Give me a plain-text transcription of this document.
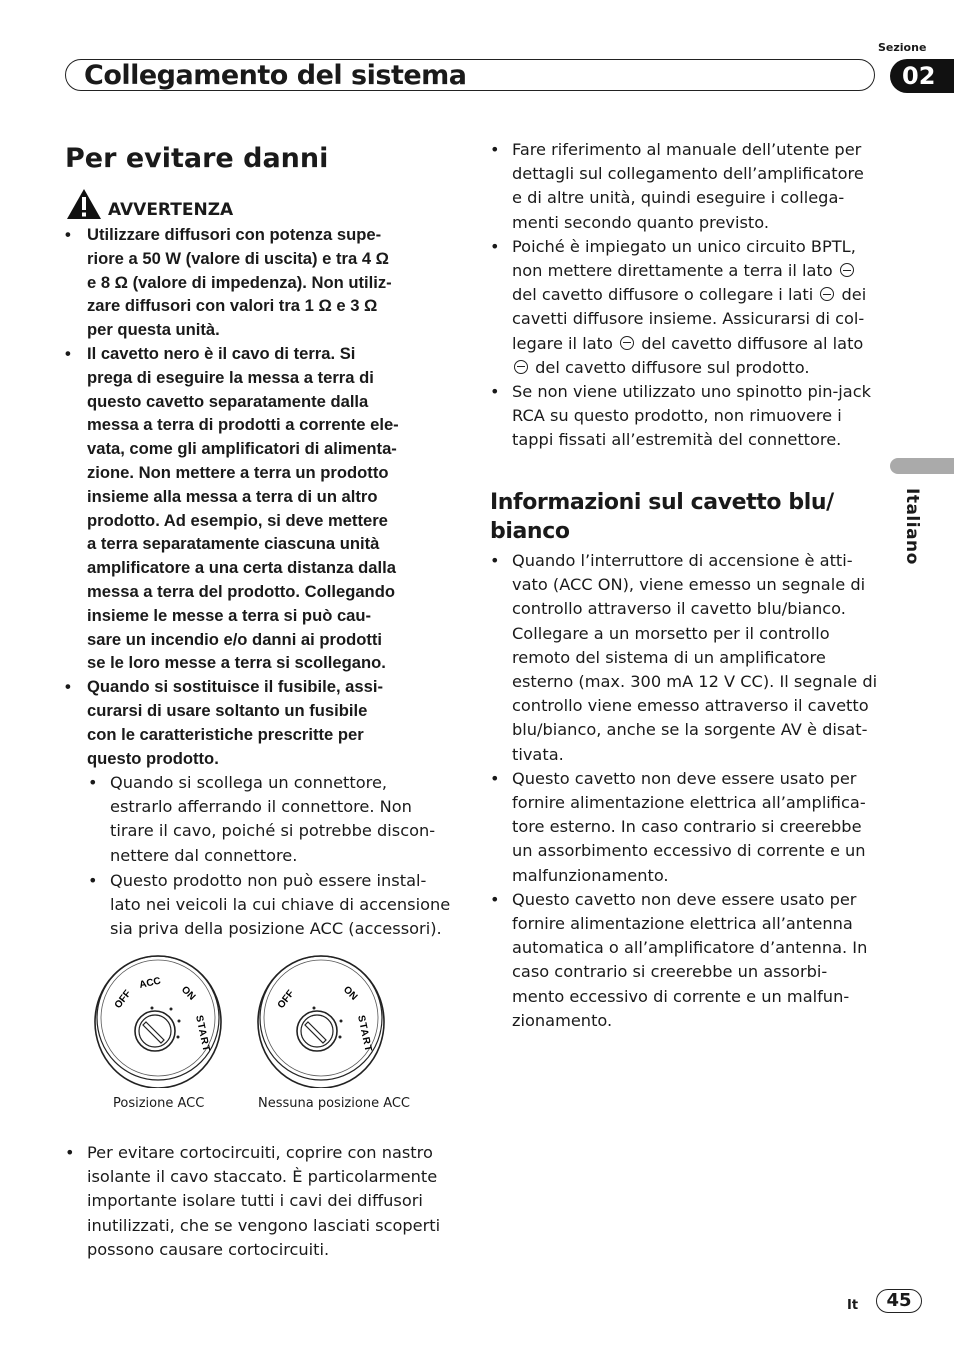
Collegamento del sistema
Sezione
02
Italiano
Per evitare danni
AVVERTENZA
• Utilizzare diffusori con potenza supe-
riore a 50 W (valore di uscita) e tra 4 Ω
e 8 Ω (valore di impedenza). Non utiliz-
zare diffusori con valori tra 1 Ω e 3 Ω
per questa unità.
• Il cavetto nero è il cavo di terra. Si
prega di eseguire la messa a terra di
questo cavetto separatamente dalla
messa a terra di prodotti a corrente ele-
vata, come gli amplificatori di alimenta-
zione. Non mettere a terra un prodotto
insieme alla messa a terra di un altro
prodotto. Ad esempio, si deve mettere
a terra separatamente ciascuna unità
amplificatore a una certa distanza dalla
messa a terra del prodotto. Collegando
insieme le messe a terra si può cau-
sare un incendio e/o danni ai prodotti
se le loro messe a terra si scollegano.
• Quando si sostituisce il fusibile, assi-
curarsi di usare soltanto un fusibile
con le caratteristiche prescritte per
questo prodotto.
• Quando si scollega un connettore,
estrarlo afferrando il connettore. Non
tirare il cavo, poiché si potrebbe discon-
nettere dal connettore.
• Questo prodotto non può essere instal-
lato nei veicoli la cui chiave di accensione
sia priva della posizione ACC (accessori).
OFF
ACC
ON
START
OFF	ON
START
Posizione ACC	Nessuna posizione ACC
• Per evitare cortocircuiti, coprire con nastro
isolante il cavo staccato. È particolarmente
importante isolare tutti i cavi dei diffusori
inutilizzati, che se vengono lasciati scoperti
possono causare cortocircuiti.
• Fare riferimento al manuale dell’utente per
dettagli sul collegamento dell’amplificatore
e di altre unità, quindi eseguire i collega-
menti secondo quanto previsto.
• Poiché è impiegato un unico circuito BPTL,
non mettere direttamente a terra il lato
del cavetto diffusore o collegare i lati dei
cavetti diffusore insieme. Assicurarsi di col-
legare il lato del cavetto diffusore al lato
del cavetto diffusore sul prodotto.
• Se non viene utilizzato uno spinotto pin-jack
RCA su questo prodotto, non rimuovere i
tappi fissati all’estremità del connettore.
Informazioni sul cavetto blu/
bianco
• Quando l’interruttore di accensione è atti-
vato (ACC ON), viene emesso un segnale di
controllo attraverso il cavetto blu/bianco.
Collegare a un morsetto per il controllo
remoto del sistema di un amplificatore
esterno (max. 300 mA 12 V CC). Il segnale di
controllo viene emesso attraverso il cavetto
blu/bianco, anche se la sorgente AV è disat-
tivata.
• Questo cavetto non deve essere usato per
fornire alimentazione elettrica all’amplifica-
tore esterno. In caso contrario si creerebbe
un assorbimento eccessivo di corrente e un
malfunzionamento.
• Questo cavetto non deve essere usato per
fornire alimentazione elettrica all’antenna
automatica o all’amplificatore d’antenna. In
caso contrario si creerebbe un assorbi-
mento eccessivo di corrente e un malfun-
zionamento.
It	45
